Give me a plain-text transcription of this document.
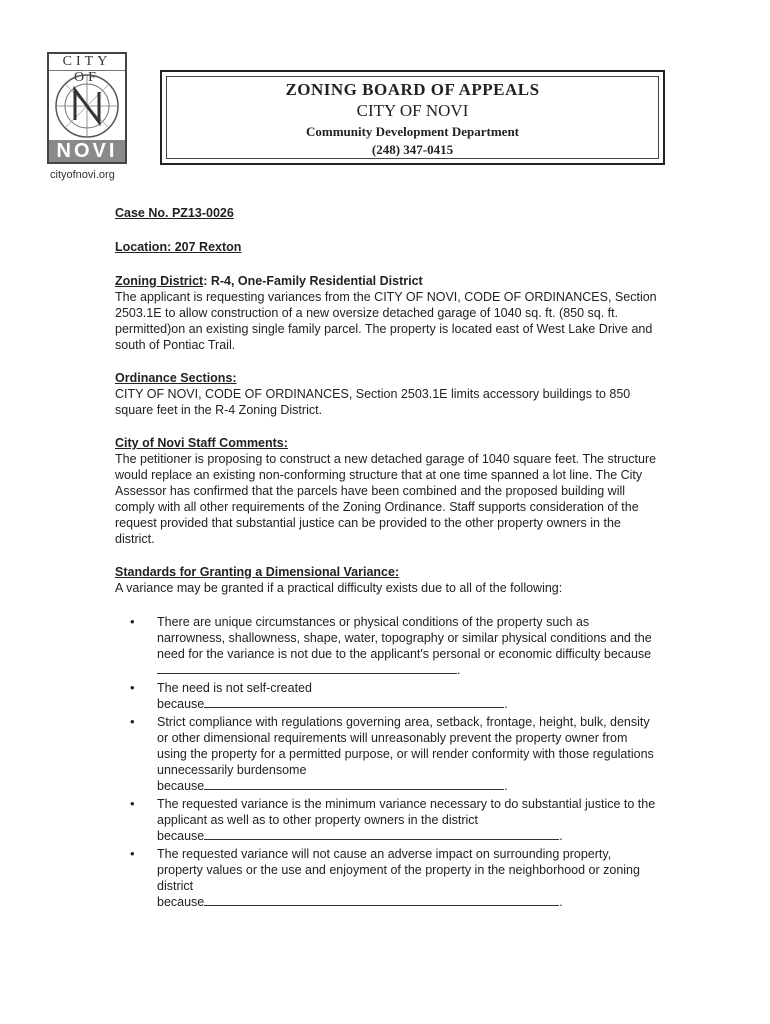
CITY OF
NOVI
cityofnovi.org
ZONING BOARD OF APPEALS
CITY OF NOVI
Community Development Department
(248) 347-0415
Case No. PZ13-0026
Location: 207 Rexton

Zoning District: R-4, One-Family Residential District

The applicant is requesting variances from the CITY OF NOVI, CODE OF ORDINANCES, Section 2503.1E to allow construction of a new oversize detached garage of 1040 sq. ft. (850 sq. ft. permitted)on an existing single family parcel. The property is located east of West Lake Drive and south of Pontiac Trail.

Ordinance Sections:

CITY OF NOVI, CODE OF ORDINANCES, Section 2503.1E limits accessory buildings to 850 square feet in the R-4 Zoning District.

City of Novi Staff Comments:

The petitioner is proposing to construct a new detached garage of 1040 square feet. The structure would replace an existing non-conforming structure that at one time spanned a lot line. The City Assessor has confirmed that the parcels have been combined and the proposed building will comply with all other requirements of the Zoning Ordinance. Staff supports consideration of the request provided that substantial justice can be provided to the other property owners in the district.

Standards for Granting a Dimensional Variance:

A variance may be granted if a practical difficulty exists due to all of the following:

• There are unique circumstances or physical conditions of the property such as narrowness, shallowness, shape, water, topography or similar physical conditions and the need for the variance is not due to the applicant's personal or economic difficulty because .
• The need is not self-created
because	.
• Strict compliance with regulations governing area, setback, frontage, height, bulk, density or other dimensional requirements will unreasonably prevent the property owner from using the property for a permitted purpose, or will render conformity with those regulations unnecessarily burdensome
because	.
• The requested variance is the minimum variance necessary to do substantial justice to the applicant as well as to other property owners in the district
because	.
• The requested variance will not cause an adverse impact on surrounding property, property values or the use and enjoyment of the property in the neighborhood or zoning district
because	.
